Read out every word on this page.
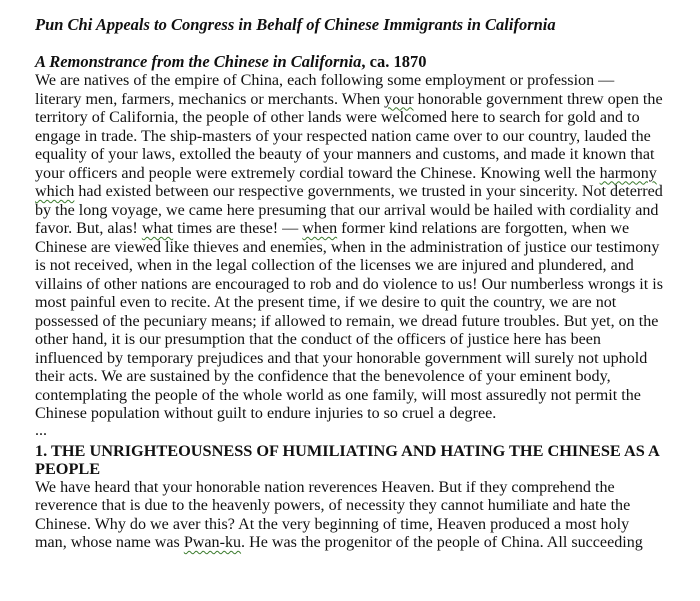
Pun Chi Appeals to Congress in Behalf of Chinese Immigrants in California

A Remonstrance from the Chinese in California, ca. 1870

We are natives of the empire of China, each following some employment or profession — literary men, farmers, mechanics or merchants. When your honorable government threw open the territory of California, the people of other lands were welcomed here to search for gold and to engage in trade. The ship-masters of your respected nation came over to our country, lauded the equality of your laws, extolled the beauty of your manners and customs, and made it known that your officers and people were extremely cordial toward the Chinese. Knowing well the harmony which had existed between our respective governments, we trusted in your sincerity. Not deterred by the long voyage, we came here presuming that our arrival would be hailed with cordiality and favor. But, alas! what times are these! — when former kind relations are forgotten, when we Chinese are viewed like thieves and enemies, when in the administration of justice our testimony is not received, when in the legal collection of the licenses we are injured and plundered, and villains of other nations are encouraged to rob and do violence to us! Our numberless wrongs it is most painful even to recite. At the present time, if we desire to quit the country, we are not possessed of the pecuniary means; if allowed to remain, we dread future troubles. But yet, on the other hand, it is our presumption that the conduct of the officers of justice here has been influenced by temporary prejudices and that your honorable government will surely not uphold their acts. We are sustained by the confidence that the benevolence of your eminent body, contemplating the people of the whole world as one family, will most assuredly not permit the Chinese population without guilt to endure injuries to so cruel a degree.

...

1. THE UNRIGHTEOUSNESS OF HUMILIATING AND HATING THE CHINESE AS A PEOPLE

We have heard that your honorable nation reverences Heaven. But if they comprehend the reverence that is due to the heavenly powers, of necessity they cannot humiliate and hate the Chinese. Why do we aver this? At the very beginning of time, Heaven produced a most holy man, whose name was Pwan-ku. He was the progenitor of the people of China. All succeeding
